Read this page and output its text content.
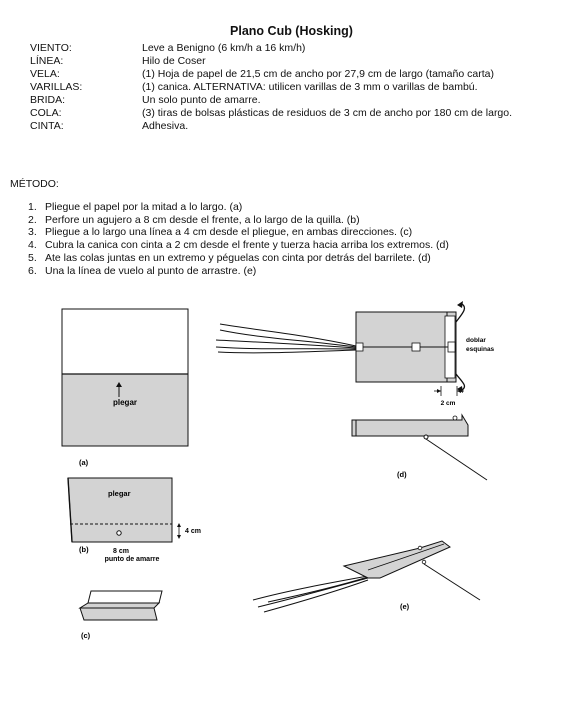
Plano Cub (Hosking)
VIENTO:	Leve a Benigno (6 km/h a 16 km/h)
LÍNEA:	Hilo de Coser
VELA:	(1) Hoja de papel de 21,5 cm de ancho por 27,9 cm de largo (tamaño carta)
VARILLAS:	(1) canica. ALTERNATIVA: utilicen varillas de 3 mm o varillas de bambú.
BRIDA:	Un solo punto de amarre.
COLA:	(3) tiras de bolsas plásticas de residuos de 3 cm de ancho por 180 cm de largo.
CINTA:	Adhesiva.
MÉTODO:
1. Pliegue el papel por la mitad a lo largo. (a)
2. Perfore un agujero a 8 cm desde el frente, a lo largo de la quilla. (b)
3. Pliegue a lo largo una línea a 4 cm desde el pliegue, en ambas direcciones. (c)
4. Cubra la canica con cinta a 2 cm desde el frente y tuerza hacia arriba los extremos. (d)
5. Ate las colas juntas en un extremo y péguelas con cinta por detrás del barrilete. (d)
6. Una la línea de vuelo al punto de arrastre. (e)
plegar
(a)
plegar
4 cm
(b)	8 cm
punto de amarre
(c)
doblar
esquinas
2 cm
(d)
(e)
